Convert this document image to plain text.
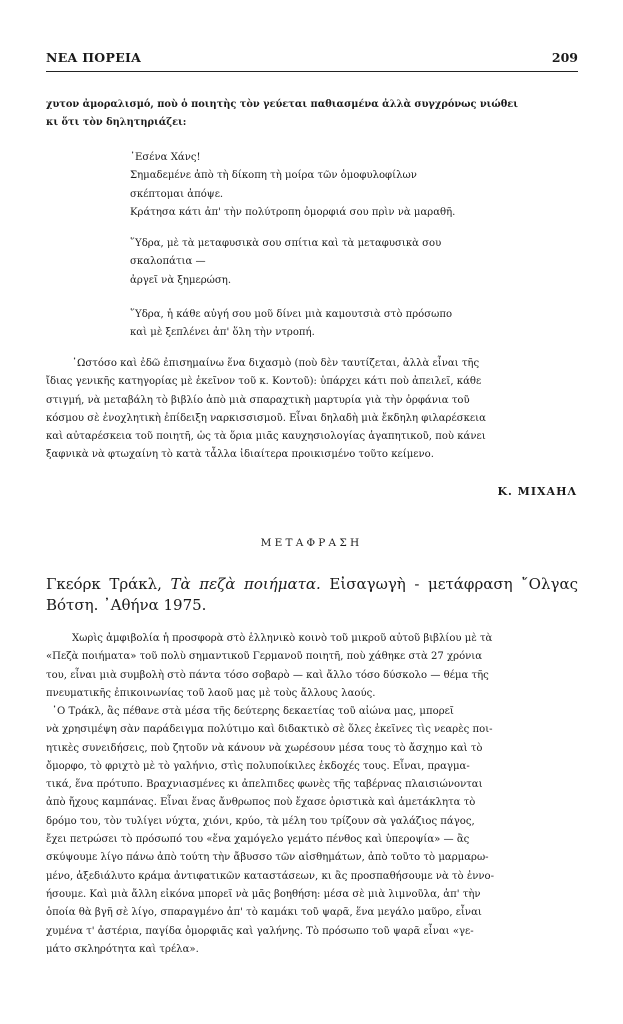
ΝΕΑ ΠΟΡΕΙΑ	209
χυτον ἀμοραλισμό, ποὺ ὁ ποιητὴς τὸν γεύεται παθιασμένα ἀλλὰ συγχρόνως νιώθει
κι ὅτι τὸν δηλητηριάζει:
᾿Εσένα Χάνς!
Σημαδεμένε ἀπὸ τὴ δίκοπη τὴ μοίρα τῶν ὁμοφυλοφίλων
σκέπτομαι ἀπόψε.
Κράτησα κάτι ἀπ' τὴν πολύτροπη ὀμορφιά σου πρὶν νὰ μαραθῆ.
῞Υδρα, μὲ τὰ μεταφυσικὰ σου σπίτια καὶ τὰ μεταφυσικὰ σου
σκαλοπάτια —
ἀργεῖ νὰ ξημερώση.
῞Υδρα, ἡ κάθε αὐγή σου μοῦ δίνει μιὰ καμουτσιὰ στὸ πρόσωπο
καὶ μὲ ξεπλένει ἀπ' ὅλη τὴν ντροπή.
῾Ωστόσο καὶ ἐδῶ ἐπισημαίνω ἕνα διχασμὸ (ποὺ δὲν ταυτίζεται, ἀλλὰ εἶναι τῆς
ἴδιας γενικῆς κατηγορίας μὲ ἐκεῖνον τοῦ κ. Κοντοῦ): ὑπάρχει κάτι ποὺ ἀπειλεῖ, κάθε
στιγμή, νὰ μεταβάλη τὸ βιβλίο ἀπὸ μιὰ σπαραχτικὴ μαρτυρία γιὰ τὴν ὀρφάνια τοῦ
κόσμου σὲ ἐνοχλητικὴ ἐπίδειξη ναρκισσισμοῦ. Εἶναι δηλαδὴ μιὰ ἔκδηλη φιλαρέσκεια
καὶ αὐταρέσκεια τοῦ ποιητῆ, ὡς τὰ ὅρια μιᾶς καυχησιολογίας ἀγαπητικοῦ, ποὺ κάνει
ξαφνικὰ νὰ φτωχαίνη τὸ κατὰ τἆλλα ἰδιαίτερα προικισμένο τοῦτο κείμενο.
Κ. ΜΙΧΑΗΛ
ΜΕΤΑΦΡΑΣΗ
Γκεόρκ Τράκλ, Τὰ πεζὰ ποιήματα. Εἰσαγωγὴ - μετάφραση ῎Ολγας Βότση. ᾿Αθήνα 1975.
Χωρὶς ἀμφιβολία ἡ προσφορὰ στὸ ἑλληνικὸ κοινὸ τοῦ μικροῦ αὐτοῦ βιβλίου μὲ τὰ
«Πεζὰ ποιήματα» τοῦ πολὺ σημαντικοῦ Γερμανοῦ ποιητῆ, ποὺ χάθηκε στὰ 27 χρόνια
του, εἶναι μιὰ συμβολὴ στὸ πάντα τόσο σοβαρὸ — καὶ ἄλλο τόσο δύσκολο — θέμα τῆς
πνευματικῆς ἐπικοινωνίας τοῦ λαοῦ μας μὲ τοὺς ἄλλους λαούς.
῾Ο Τράκλ, ἂς πέθανε στὰ μέσα τῆς δεύτερης δεκαετίας τοῦ αἰώνα μας, μπορεῖ
νὰ χρησιμέψη σὰν παράδειγμα πολύτιμο καὶ διδακτικὸ σὲ ὅλες ἐκεῖνες τὶς νεαρὲς ποι-
ητικὲς συνειδήσεις, ποὺ ζητοῦν νὰ κάνουν νὰ χωρέσουν μέσα τους τὸ ἄσχημο καὶ τὸ
ὄμορφο, τὸ φριχτὸ μὲ τὸ γαλήνιο, στὶς πολυποίκιλες ἐκδοχές τους. Εἶναι, πραγμα-
τικά, ἕνα πρότυπο. Βραχνιασμένες κι ἀπελπιδες φωνὲς τῆς ταβέρνας πλαισιώνονται
ἀπὸ ἤχους καμπάνας. Εἶναι ἕνας ἄνθρωπος ποὺ ἔχασε ὁριστικὰ καὶ ἀμετάκλητα τὸ
δρόμο του, τὸν τυλίγει νύχτα, χιόνι, κρύο, τὰ μέλη του τρίζουν σὰ γαλάζιος πάγος,
ἔχει πετρώσει τὸ πρόσωπό του «ἕνα χαμόγελο γεμάτο πένθος καὶ ὑπεροψία» — ἂς
σκύψουμε λίγο πάνω ἀπὸ τούτη τὴν ἄβυσσο τῶν αἰσθημάτων, ἀπὸ τοῦτο τὸ μαρμαρω-
μένο, ἀξεδιάλυτο κράμα ἀντιφατικῶν καταστάσεων, κι ἂς προσπαθήσουμε νὰ τὸ ἐννο-
ήσουμε. Καὶ μιὰ ἄλλη εἰκόνα μπορεῖ νὰ μᾶς βοηθήση: μέσα σὲ μιὰ λιμνοῦλα, ἀπ' τὴν
ὁποία θὰ βγῆ σὲ λίγο, σπαραγμένο ἀπ' τὸ καμάκι τοῦ ψαρᾶ, ἕνα μεγάλο μαῦρο, εἶναι
χυμένα τ' ἀστέρια, παγίδα ὀμορφιᾶς καὶ γαλήνης. Τὸ πρόσωπο τοῦ ψαρᾶ εἶναι «γε-
μάτο σκληρότητα καὶ τρέλα».
